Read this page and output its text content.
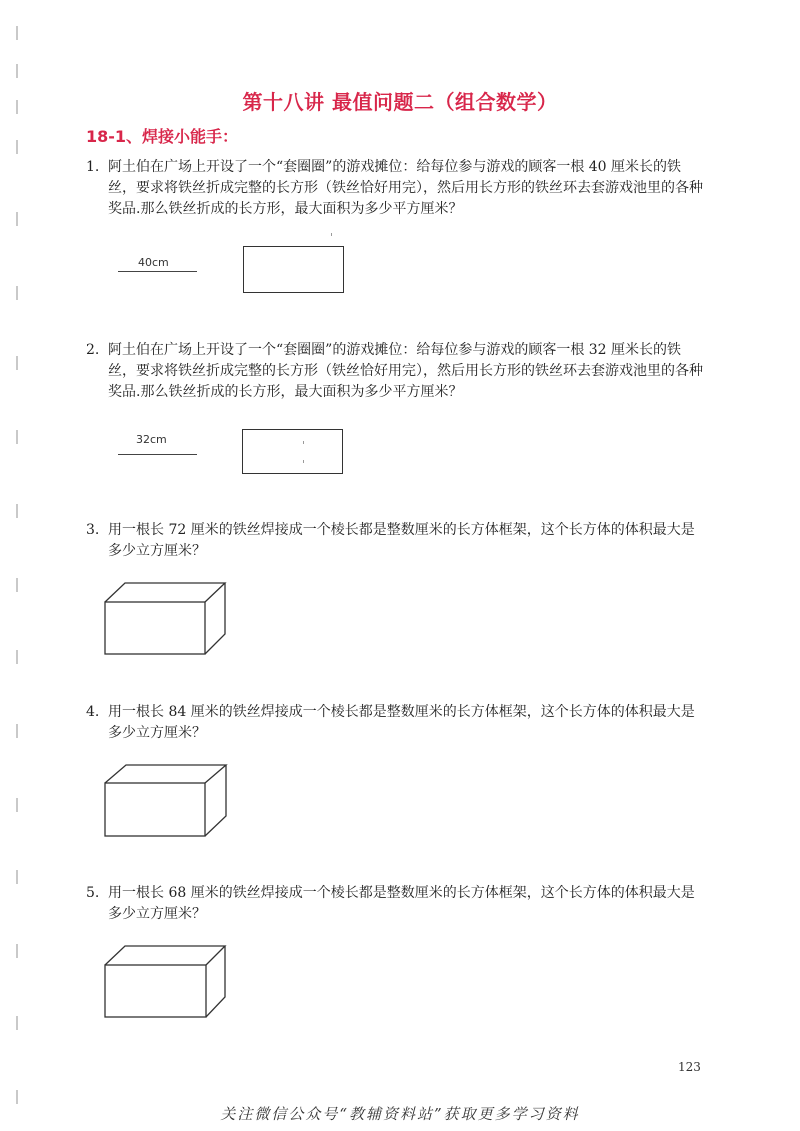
第十八讲 最值问题二（组合数学）
18-1、焊接小能手：
1. 阿土伯在广场上开设了一个“套圈圈”的游戏摊位：给每位参与游戏的顾客一根 40 厘米长的铁丝，要求将铁丝折成完整的长方形（铁丝恰好用完），然后用长方形的铁丝环去套游戏池里的各种奖品.那么铁丝折成的长方形，最大面积为多少平方厘米？
40cm
2. 阿土伯在广场上开设了一个“套圈圈”的游戏摊位：给每位参与游戏的顾客一根 32 厘米长的铁丝，要求将铁丝折成完整的长方形（铁丝恰好用完），然后用长方形的铁丝环去套游戏池里的各种奖品.那么铁丝折成的长方形，最大面积为多少平方厘米？
32cm
3. 用一根长 72 厘米的铁丝焊接成一个棱长都是整数厘米的长方体框架，这个长方体的体积最大是多少立方厘米？
4. 用一根长 84 厘米的铁丝焊接成一个棱长都是整数厘米的长方体框架，这个长方体的体积最大是多少立方厘米？
5. 用一根长 68 厘米的铁丝焊接成一个棱长都是整数厘米的长方体框架，这个长方体的体积最大是多少立方厘米？
123
关注微信公众号“教辅资料站”获取更多学习资料
